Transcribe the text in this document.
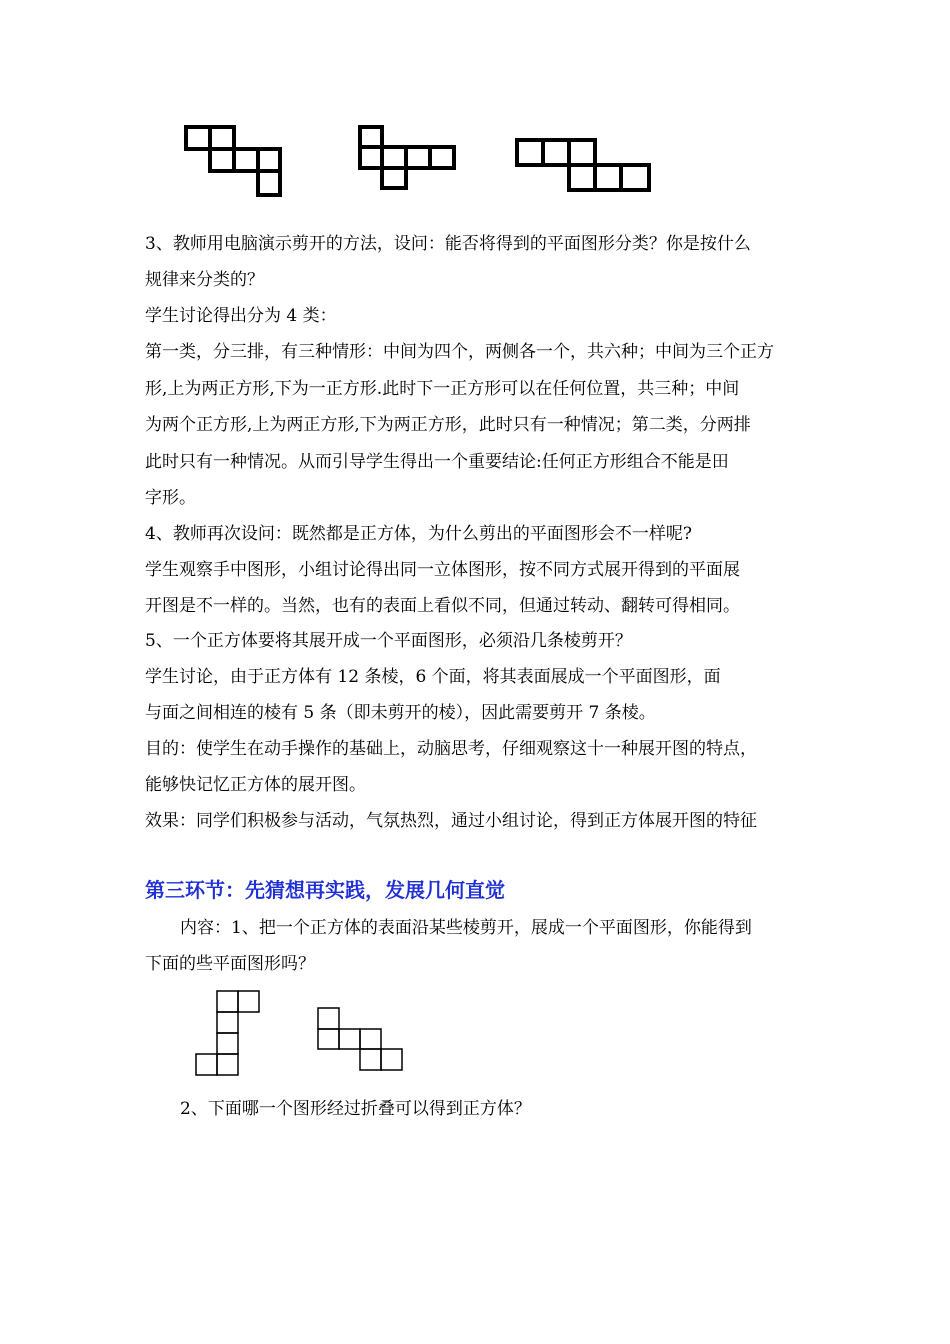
3、教师用电脑演示剪开的方法，设问：能否将得到的平面图形分类？你是按什么
规律来分类的？
学生讨论得出分为 4 类：
第一类，分三排，有三种情形：中间为四个，两侧各一个，共六种；中间为三个正方
形,上为两正方形,下为一正方形.此时下一正方形可以在任何位置，共三种；中间
为两个正方形,上为两正方形,下为两正方形，此时只有一种情况；第二类，分两排
此时只有一种情况。从而引导学生得出一个重要结论:任何正方形组合不能是田
字形。
4、教师再次设问：既然都是正方体，为什么剪出的平面图形会不一样呢?
学生观察手中图形，小组讨论得出同一立体图形，按不同方式展开得到的平面展
开图是不一样的。当然，也有的表面上看似不同，但通过转动、翻转可得相同。
5、一个正方体要将其展开成一个平面图形，必须沿几条棱剪开？
学生讨论，由于正方体有 12 条棱，6 个面，将其表面展成一个平面图形，面
与面之间相连的棱有 5 条（即未剪开的棱），因此需要剪开 7 条棱。
目的：使学生在动手操作的基础上，动脑思考，仔细观察这十一种展开图的特点，
能够快记忆正方体的展开图。
效果：同学们积极参与活动，气氛热烈，通过小组讨论，得到正方体展开图的特征
第三环节：先猜想再实践，发展几何直觉
内容：1、把一个正方体的表面沿某些棱剪开，展成一个平面图形，你能得到
下面的些平面图形吗？
2、下面哪一个图形经过折叠可以得到正方体？
